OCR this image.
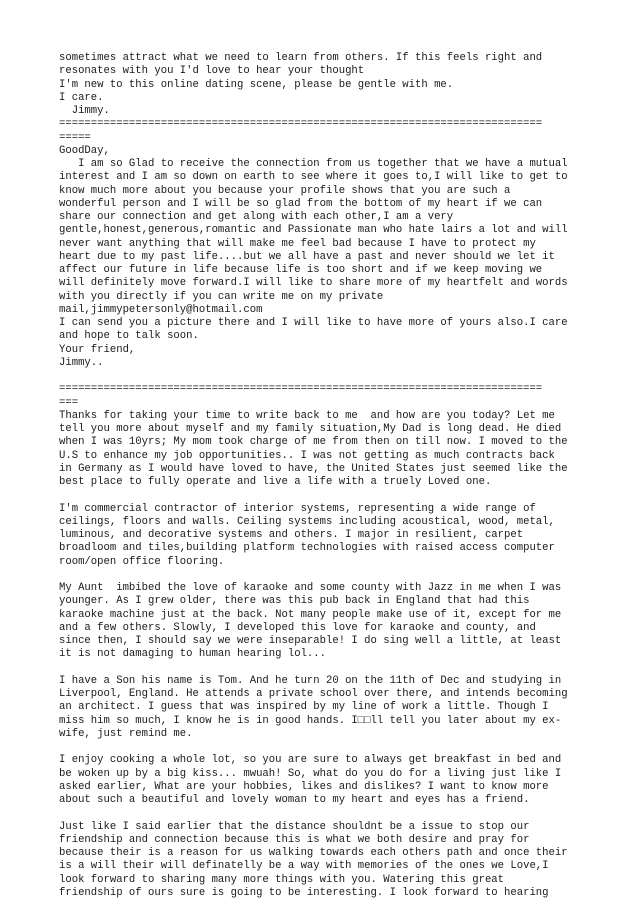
sometimes attract what we need to learn from others. If this feels right and
resonates with you I'd love to hear your thought
I'm new to this online dating scene, please be gentle with me.
I care.
Jimmy.
============================================================================
=====
GoodDay,
I am so Glad to receive the connection from us together that we have a mutual
interest and I am so down on earth to see where it goes to,I will like to get to
know much more about you because your profile shows that you are such a
wonderful person and I will be so glad from the bottom of my heart if we can
share our connection and get along with each other,I am a very
gentle,honest,generous,romantic and Passionate man who hate lairs a lot and will
never want anything that will make me feel bad because I have to protect my
heart due to my past life....but we all have a past and never should we let it
affect our future in life because life is too short and if we keep moving we
will definitely move forward.I will like to share more of my heartfelt and words
with you directly if you can write me on my private
mail,jimmypetersonly@hotmail.com
I can send you a picture there and I will like to have more of yours also.I care
and hope to talk soon.
Your friend,
Jimmy..
============================================================================
===
Thanks for taking your time to write back to me  and how are you today? Let me
tell you more about myself and my family situation,My Dad is long dead. He died
when I was 10yrs; My mom took charge of me from then on till now. I moved to the
U.S to enhance my job opportunities.. I was not getting as much contracts back
in Germany as I would have loved to have, the United States just seemed like the
best place to fully operate and live a life with a truely Loved one.
I'm commercial contractor of interior systems, representing a wide range of
ceilings, floors and walls. Ceiling systems including acoustical, wood, metal,
luminous, and decorative systems and others. I major in resilient, carpet
broadloom and tiles,building platform technologies with raised access computer
room/open office flooring.
My Aunt  imbibed the love of karaoke and some county with Jazz in me when I was
younger. As I grew older, there was this pub back in England that had this
karaoke machine just at the back. Not many people make use of it, except for me
and a few others. Slowly, I developed this love for karaoke and county, and
since then, I should say we were inseparable! I do sing well a little, at least
it is not damaging to human hearing lol...
I have a Son his name is Tom. And he turn 20 on the 11th of Dec and studying in
Liverpool, England. He attends a private school over there, and intends becoming
an architect. I guess that was inspired by my line of work a little. Though I
miss him so much, I know he is in good hands. I□□ll tell you later about my ex-
wife, just remind me.
I enjoy cooking a whole lot, so you are sure to always get breakfast in bed and
be woken up by a big kiss... mwuah! So, what do you do for a living just like I
asked earlier, What are your hobbies, likes and dislikes? I want to know more
about such a beautiful and lovely woman to my heart and eyes has a friend.
Just like I said earlier that the distance shouldnt be a issue to stop our
friendship and connection because this is what we both desire and pray for
because their is a reason for us walking towards each others path and once their
is a will their will definatelly be a way with memories of the ones we Love,I
look forward to sharing many more things with you. Watering this great
friendship of ours sure is going to be interesting. I look forward to hearing
